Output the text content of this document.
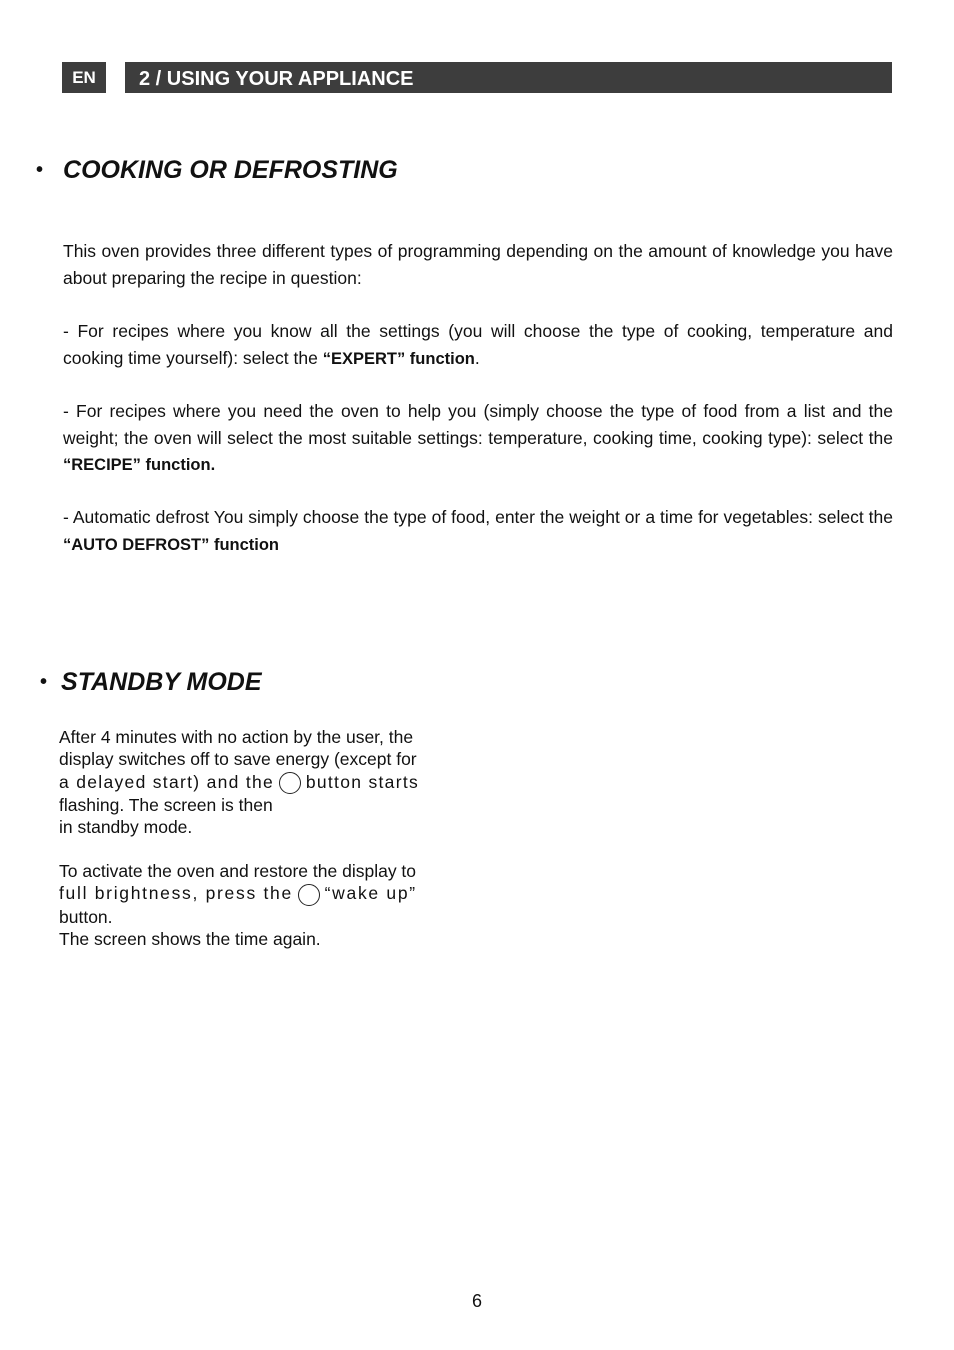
EN	2 / USING YOUR APPLIANCE
• COOKING OR DEFROSTING

This oven provides three different types of programming depending on the amount of knowledge you have about preparing the recipe in question:

- For recipes where you know all the settings (you will choose the type of cooking, temperature and cooking time yourself): select the “EXPERT” function.

- For recipes where you need the oven to help you (simply choose the type of food from a list and the weight; the oven will select the most suitable settings: temperature, cooking time, cooking type): select the “RECIPE” function.

- Automatic defrost You simply choose the type of food, enter the weight or a time for vegetables: select the “AUTO DEFROST” function

• STANDBY MODE
After 4 minutes with no action by the user, the
display switches off to save energy (except for
a delayed start) and the button starts
flashing. The screen is then
in standby mode.
To activate the oven and restore the display to
full brightness, press the “wake up”
button.
The screen shows the time again.
6
